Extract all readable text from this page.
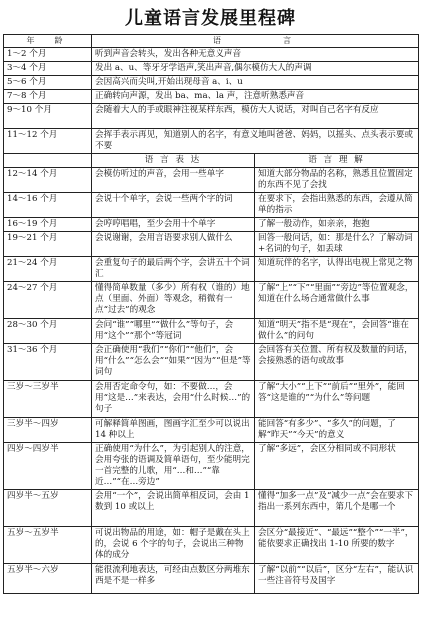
儿童语言发展里程碑
年　龄	语　　　　言	
1～2 个月	听到声音会转头，发出各种无意义声音	
3～4 个月	发出 a、u、等牙牙学语声,笑出声音,偶尔模仿大人的声调	
5～6 个月	会因高兴而尖叫,开始出现母音 a、i、u	
7～8 个月	正确转向声源，发出 ba、ma、la 声，注意听熟悉声音	
9～10 个月	会随着大人的手或眼神注视某样东西，模仿大人说话，对叫自己名字有反应	
11～12 个月	会挥手表示再见，知道别人的名字，有意义地叫爸爸、妈妈，以摇头、点头表示要或不要	
	语 言 表 达	语 言 理 解
12～14 个月	会模仿听过的声音，会用一些单字	知道大部分物品的名称，熟悉且位置固定的东西不见了会找
14～16 个月	会说十个单字，会说一些两个字的词	在要求下，会指出熟悉的东西，会遵从简单的指示
16～19 个月	会哼哼唱唱，至少会用十个单字	了解一般动作，如亲亲，抱抱
19～21 个月	会说谢谢，会用言语要求别人做什么	回答一般问话，如：那是什么？了解动词+名词的句子，如丢球
21～24 个月	会重复句子的最后两个字，会讲五十个词汇	知道玩伴的名字，认得出电视上常见之物
24～27 个月	懂得简单数量（多少）所有权（谁的）地点（里面、外面）等观念，稍微有一点“过去”的观念	了解“上”“下”“里面”“旁边”等位置观念，知道在什么场合通常做什么事
28～30 个月	会问“谁”“哪里”“做什么”等句子，会用“这个”“那个”等冠词	知道“明天”指不是“现在”，会回答“谁在做什么”的问句
31～36 个月	会正确使用“我们”“你们”“他们”，会用“什么”“怎么会”“如果”“因为”“但是”等词句	会回答有关位置、所有权及数量的问话，会接熟悉的语句或故事
三岁～三岁半	会用否定命令句，如：不要做…，会用“这是…”来表达，会用“什么时候…”的句子	了解“大小”“上下”“前后”“里外”，能回答“这是谁的”“为什么”等问题
三岁半～四岁	可解释简单图画，图画字汇至少可以说出 14 种以上	能回答“有多少”、“多久”的问题，了解“昨天”“今天”的意义
四岁～四岁半	正确使用“为什么”，为引起别人的注意，会用夸张的语调及简单语句，至少能明完一首完整的儿歌，用“…和…”“靠近…”“在…旁边”	了解“多远”，会区分相同或不同形状
四岁半～五岁	会用“一个”，会说出简单相反词，会由 1 数到 10 或以上	懂得“加多一点”及“减少一点”会在要求下指出一系列东西中，第几个是哪一个
五岁～五岁半	可说出物品的用途，如：帽子是戴在头上的，会说 6 个字的句子，会说出三种物体的成分	会区分“最接近”、“最远”“整个”“一半”，能依要求正确找出 1-10 所要的数字
五岁半～六岁	能很流利地表达，可经由点数区分两堆东西是不是一样多	了解“以前”“以后”，区分“左右”，能认识一些注音符号及国字
